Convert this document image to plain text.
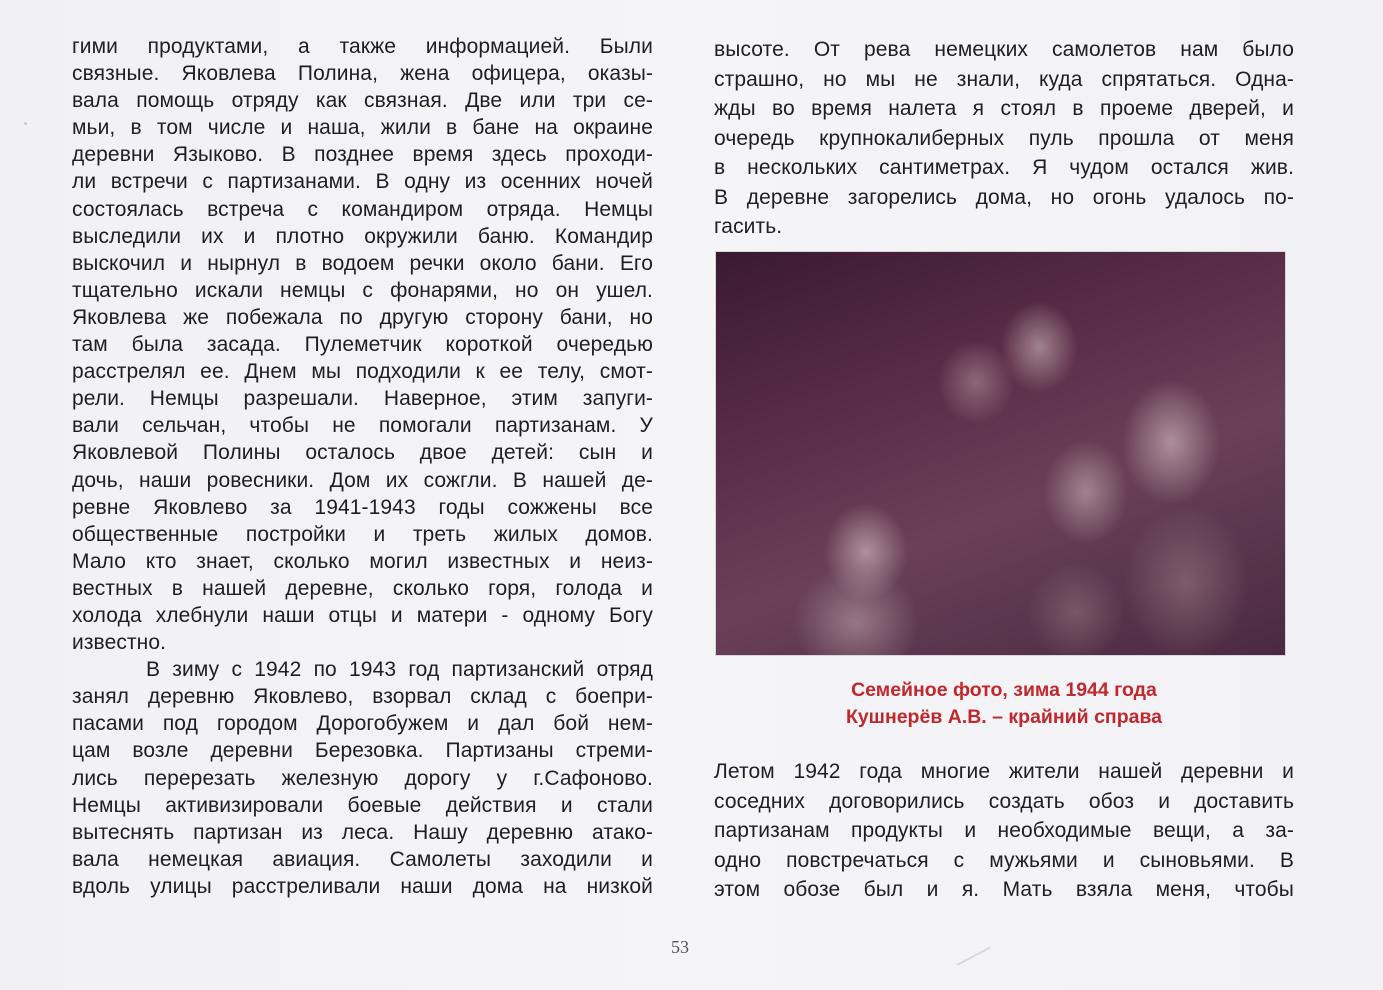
гими продуктами, а также информацией. Были
связные. Яковлева Полина, жена офицера, оказы-
вала помощь отряду как связная. Две или три се-
мьи, в том числе и наша, жили в бане на окраине
деревни Языково. В позднее время здесь проходи-
ли встречи с партизанами. В одну из осенних ночей
состоялась встреча с командиром отряда. Немцы
выследили их и плотно окружили баню. Командир
выскочил и нырнул в водоем речки около бани. Его
тщательно искали немцы с фонарями, но он ушел.
Яковлева же побежала по другую сторону бани, но
там была засада. Пулеметчик короткой очередью
расстрелял ее. Днем мы подходили к ее телу, смот-
рели. Немцы разрешали. Наверное, этим запуги-
вали сельчан, чтобы не помогали партизанам. У
Яковлевой Полины осталось двое детей: сын и
дочь, наши ровесники. Дом их сожгли. В нашей де-
ревне Яковлево за 1941-1943 годы сожжены все
общественные постройки и треть жилых домов.
Мало кто знает, сколько могил известных и неиз-
вестных в нашей деревне, сколько горя, голода и
холода хлебнули наши отцы и матери - одному Богу
известно.
В зиму с 1942 по 1943 год партизанский отряд
занял деревню Яковлево, взорвал склад с боепри-
пасами под городом Дорогобужем и дал бой нем-
цам возле деревни Березовка. Партизаны стреми-
лись перерезать железную дорогу у г.Сафоново.
Немцы активизировали боевые действия и стали
вытеснять партизан из леса. Нашу деревню атако-
вала немецкая авиация. Самолеты заходили и
вдоль улицы расстреливали наши дома на низкой
высоте. От рева немецких самолетов нам было
страшно, но мы не знали, куда спрятаться. Одна-
жды во время налета я стоял в проеме дверей, и
очередь крупнокалиберных пуль прошла от меня
в нескольких сантиметрах. Я чудом остался жив.
В деревне загорелись дома, но огонь удалось по-
гасить.
Семейное фото, зима 1944 года
Кушнерёв А.В. – крайний справа
Летом 1942 года многие жители нашей деревни и
соседних договорились создать обоз и доставить
партизанам продукты и необходимые вещи, а за-
одно повстречаться с мужьями и сыновьями. В
этом обозе был и я. Мать взяла меня, чтобы
53
